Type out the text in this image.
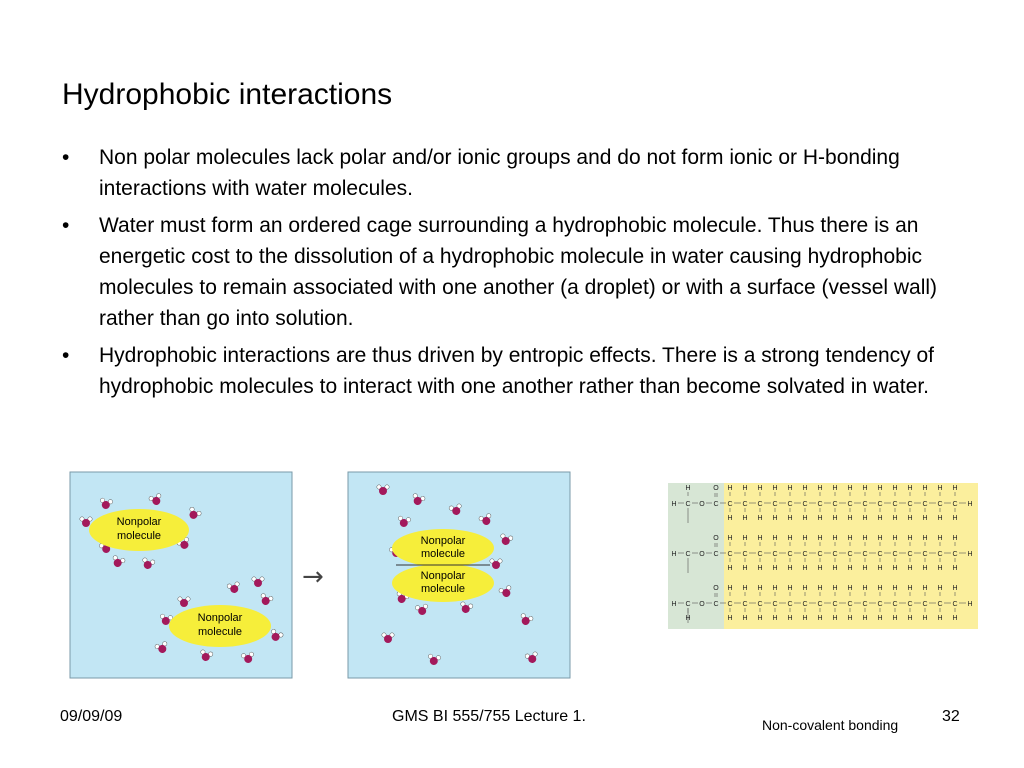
Hydrophobic interactions
• Non polar molecules lack polar and/or ionic groups and do not form ionic or H-bonding interactions with water molecules.
• Water must form an ordered cage surrounding a hydrophobic molecule. Thus there is an energetic cost to the dissolution of a hydrophobic molecule in water causing hydrophobic molecules to remain associated with one another (a droplet) or with a surface (vessel wall) rather than go into solution.
• Hydrophobic interactions are thus driven by entropic effects. There is a strong tendency of hydrophobic molecules to interact with one another rather than become solvated in water.
Nonpolar
molecule
Nonpolar
molecule
Nonpolar
molecule
Nonpolar
molecule
→
H
H C O C
O H
C
H
H
C
H
H
C
H
H
C
H
H
C
H
H
C
H
H
C
H
H
C
H
H
C
H
H
C
H
H
C
H
H
C
H
H
C
H
H
C
H
H
C
H
H
C
H
H
H C O C
O H
C
H
H
C
H
H
C
H
H
C
H
H
C
H
H
C
H
H
C
H
H
C
H
H
C
H
H
C
H
H
C
H
H
C
H
H
C
H
H
C
H
H
C
H
H
C
H
H
H C O C
O
H
H
C
H
H
C
H
H
C
H
H
C
H
H
C
H
H
C
H
H
C
H
H
C
H
H
C
H
H
C
H
H
C
H
H
C
H
H
C
H
H
C
H
H
C
H
H
C
H
H
09/09/09	GMS BI 555/755 Lecture 1.	32
Non-covalent bonding
